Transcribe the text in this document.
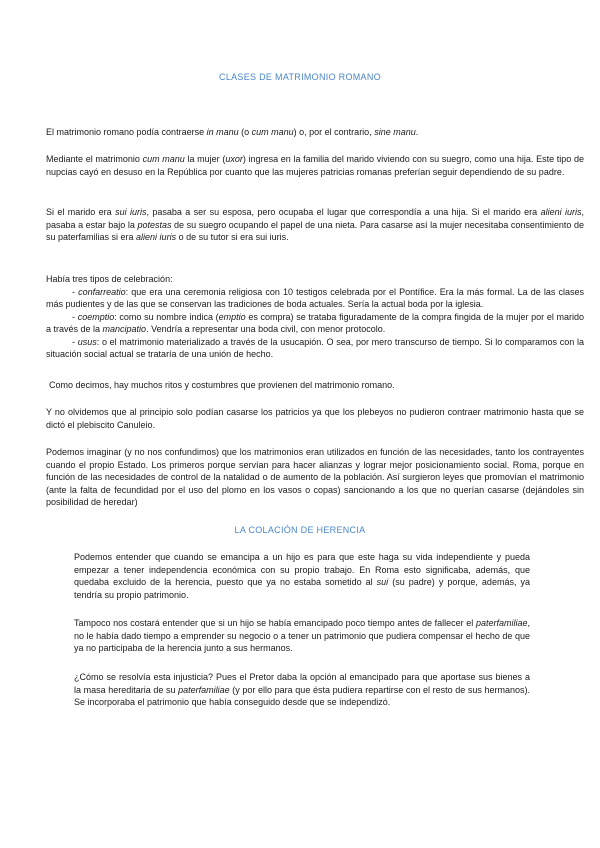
CLASES DE MATRIMONIO ROMANO

El matrimonio romano podía contraerse in manu (o cum manu) o, por el contrario, sine manu.

Mediante el matrimonio cum manu la mujer (uxor) ingresa en la familia del marido viviendo con su suegro, como una hija. Este tipo de nupcias cayó en desuso en la República por cuanto que las mujeres patricias romanas preferían seguir dependiendo de su padre.

Si el marido era sui iuris, pasaba a ser su esposa, pero ocupaba el lugar que correspondía a una hija. Si el marido era alieni iuris, pasaba a estar bajo la potestas de su suegro ocupando el papel de una nieta. Para casarse así la mujer necesitaba consentimiento de su paterfamilias si era alieni iuris o de su tutor si era sui iuris.

Había tres tipos de celebración:
- confarreatio: que era una ceremonia religiosa con 10 testigos celebrada por el Pontífice. Era la más formal. La de las clases más pudientes y de las que se conservan las tradiciones de boda actuales. Sería la actual boda por la iglesia.
- coemptio: como su nombre indica (emptio es compra) se trataba figuradamente de la compra fingida de la mujer por el marido a través de la mancipatio. Vendría a representar una boda civil, con menor protocolo.
- usus: o el matrimonio materializado a través de la usucapión. O sea, por mero transcurso de tiempo. Si lo comparamos con la situación social actual se trataría de una unión de hecho.

Como decimos, hay muchos ritos y costumbres que provienen del matrimonio romano.

Y no olvidemos que al principio solo podían casarse los patricios ya que los plebeyos no pudieron contraer matrimonio hasta que se dictó el plebiscito Canuleio.

Podemos imaginar (y no nos confundimos) que los matrimonios eran utilizados en función de las necesidades, tanto los contrayentes cuando el propio Estado. Los primeros porque servían para hacer alianzas y lograr mejor posicionamiento social. Roma, porque en función de las necesidades de control de la natalidad o de aumento de la población. Así surgieron leyes que promovían el matrimonio (ante la falta de fecundidad por el uso del plomo en los vasos o copas) sancionando a los que no querían casarse (dejándoles sin posibilidad de heredar)

LA COLACIÓN DE HERENCIA

Podemos entender que cuando se emancipa a un hijo es para que este haga su vida independiente y pueda empezar a tener independencia económica con su propio trabajo. En Roma esto significaba, además, que quedaba excluido de la herencia, puesto que ya no estaba sometido al sui (su padre) y porque, además, ya tendría su propio patrimonio.

Tampoco nos costará entender que si un hijo se había emancipado poco tiempo antes de fallecer el paterfamiliae, no le había dado tiempo a emprender su negocio o a tener un patrimonio que pudiera compensar el hecho de que ya no participaba de la herencia junto a sus hermanos.

¿Cómo se resolvía esta injusticia? Pues el Pretor daba la opción al emancipado para que aportase sus bienes a la masa hereditaria de su paterfamiliae (y por ello para que ésta pudiera repartirse con el resto de sus hermanos). Se incorporaba el patrimonio que había conseguido desde que se independizó.
